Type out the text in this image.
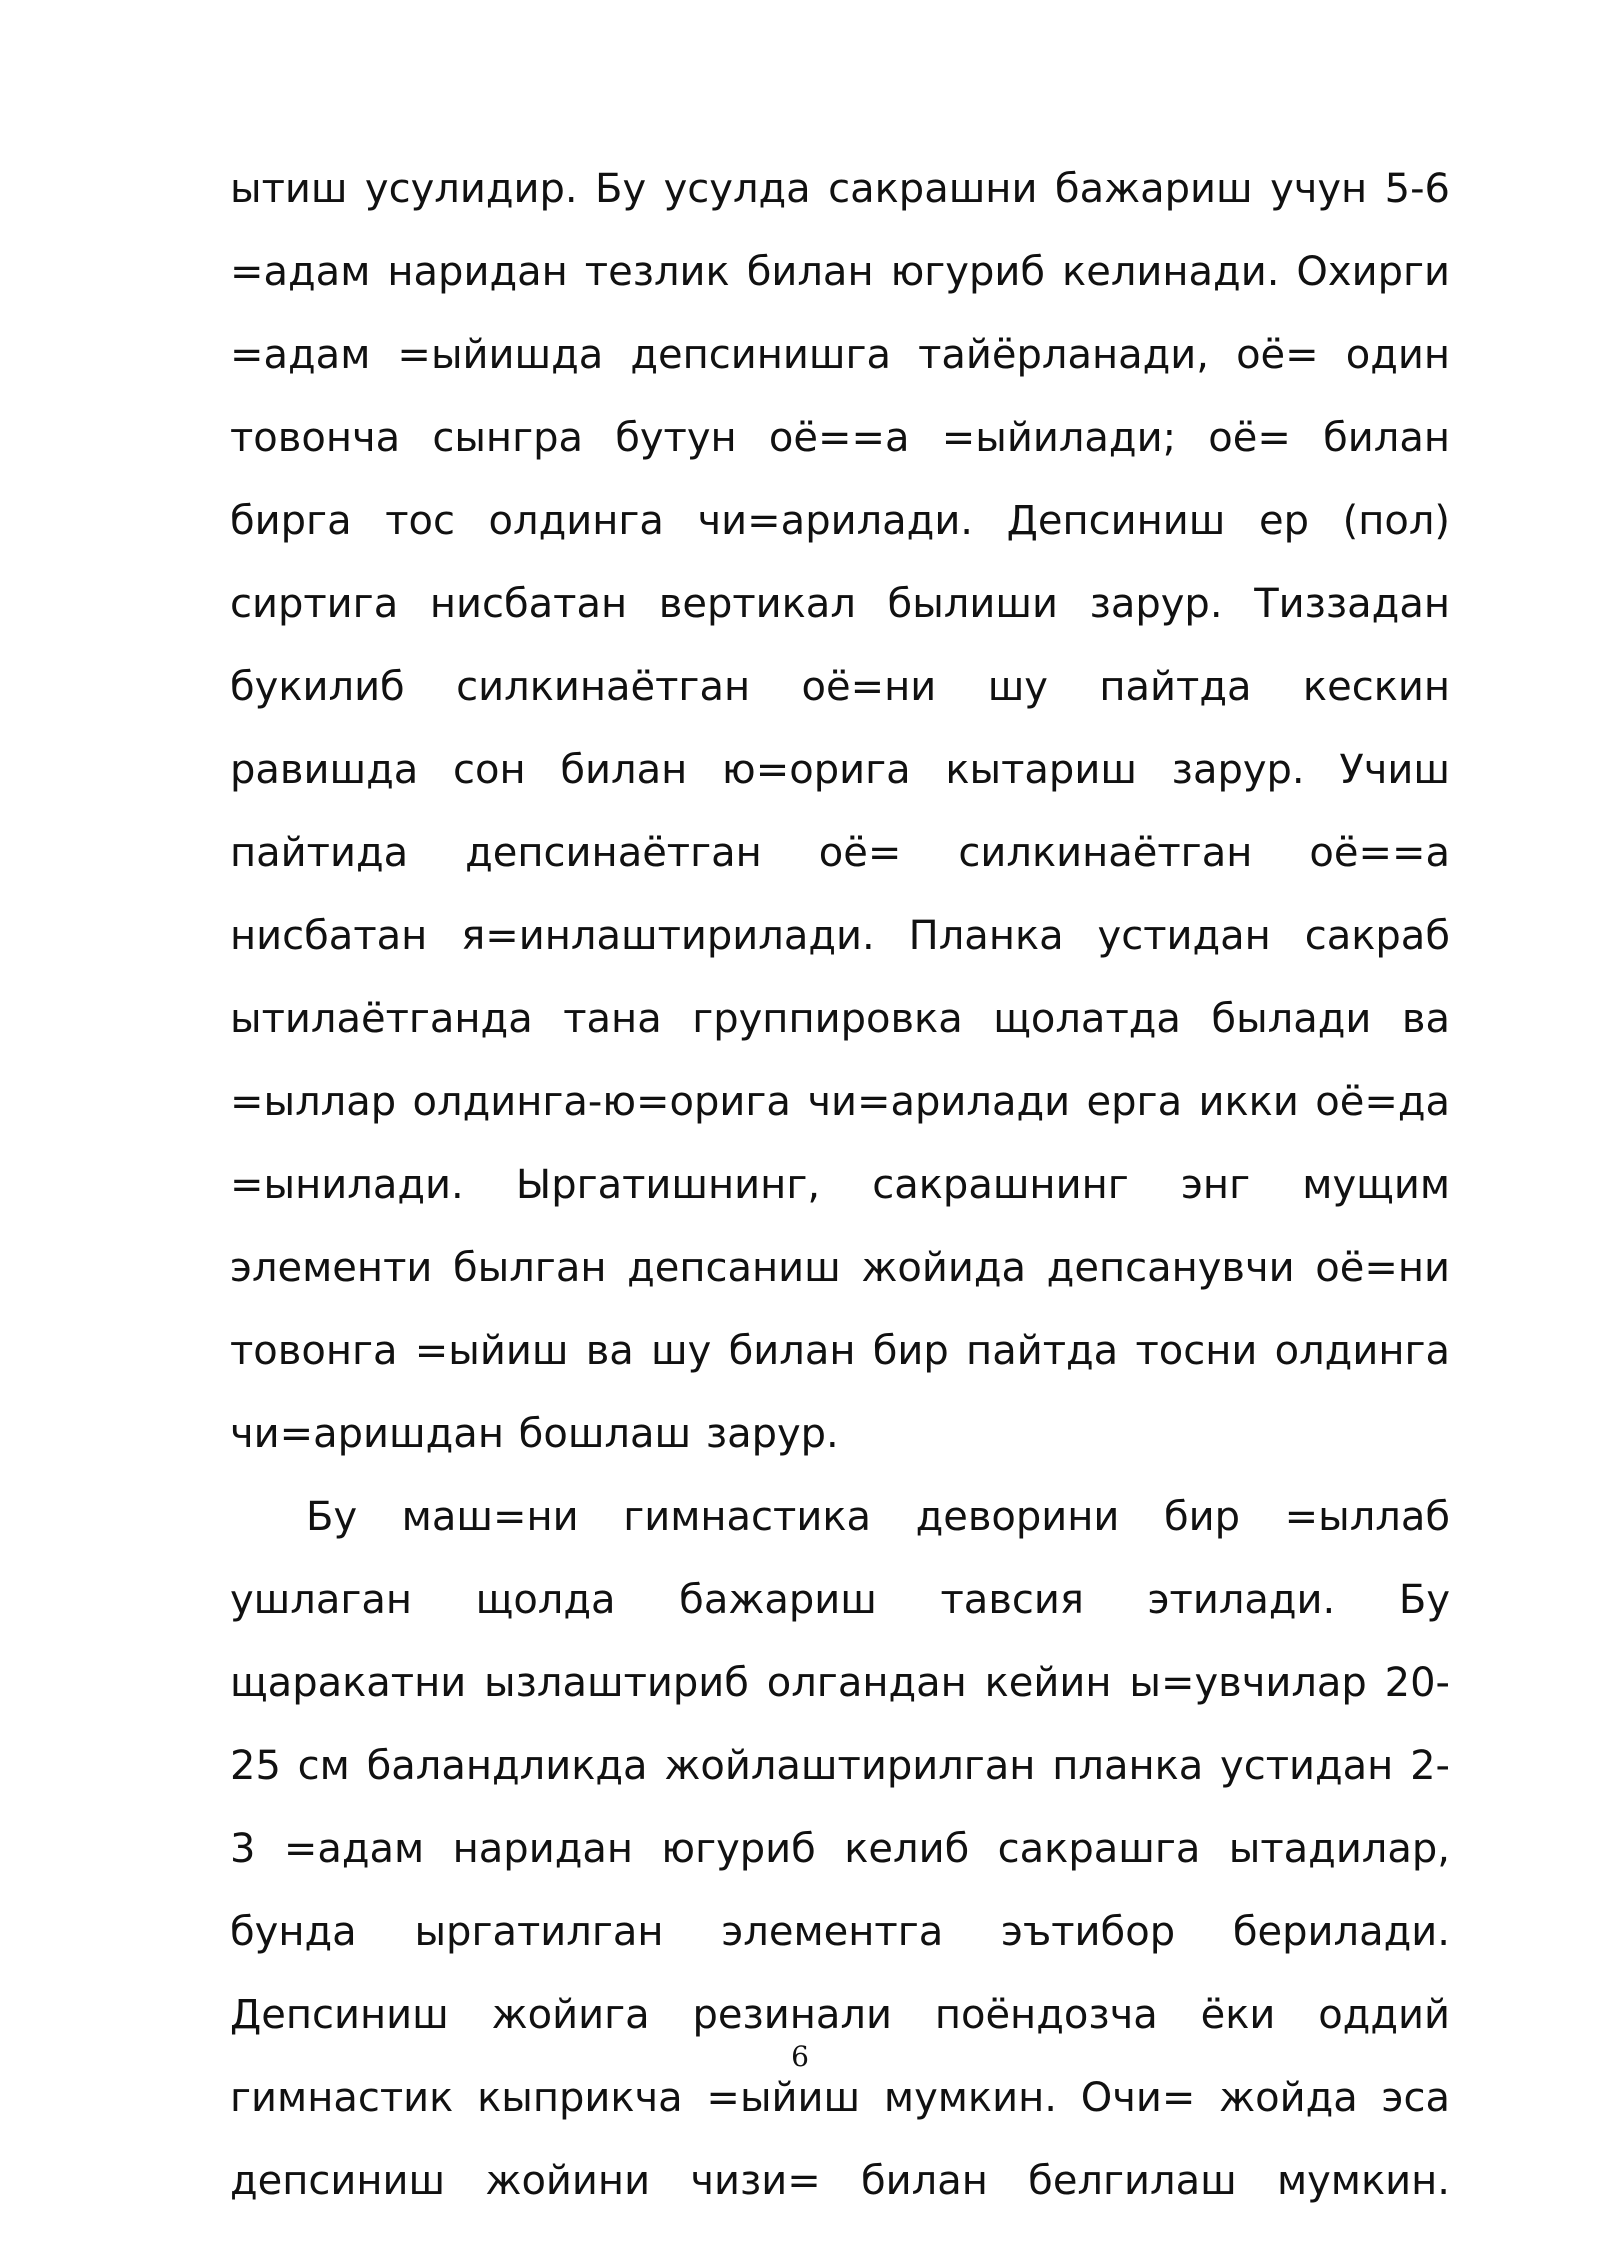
ытиш усулидир. Бу усулда сакрашни бажариш учун 5-6 =адам наридан тезлик билан югуриб келинади. Охирги =адам =ыйишда депсинишга тайёрланади, оё= один товонча сынгра бутун оё==а =ыйилади; оё= билан бирга тос олдинга чи=арилади. Депсиниш ер (пол) сиртига нисбатан вертикал былиши зарур. Тиззадан букилиб силкинаётган оё=ни шу пайтда кескин равишда сон билан ю=орига кытариш зарур. Учиш пайтида депсинаётган оё= силкинаётган оё==а нисбатан я=инлаштирилади. Планка устидан сакраб ытилаётганда тана группировка щолатда былади ва =ыллар олдинга-ю=орига чи=арилади ерга икки оё=да =ынилади. Ыргатишнинг, сакрашнинг энг мущим элементи былган депсаниш жойида депсанувчи оё=ни товонга =ыйиш ва шу билан бир пайтда тосни олдинга чи=аришдан бошлаш зарур.

Бу маш=ни гимнастика деворини бир =ыллаб ушлаган щолда бажариш тавсия этилади. Бу щаракатни ызлаштириб олгандан кейин ы=увчилар 20-25 см баландликда жойлаштирилган планка устидан 2-3 =адам наридан югуриб келиб сакрашга ытадилар, бунда ыргатилган элементга эътибор берилади. Депсиниш жойига резинали поёндозча ёки оддий гимнастик кыприкча =ыйиш мумкин. Очи= жойда эса депсиниш жойини чизи= билан белгилаш мумкин.

6
